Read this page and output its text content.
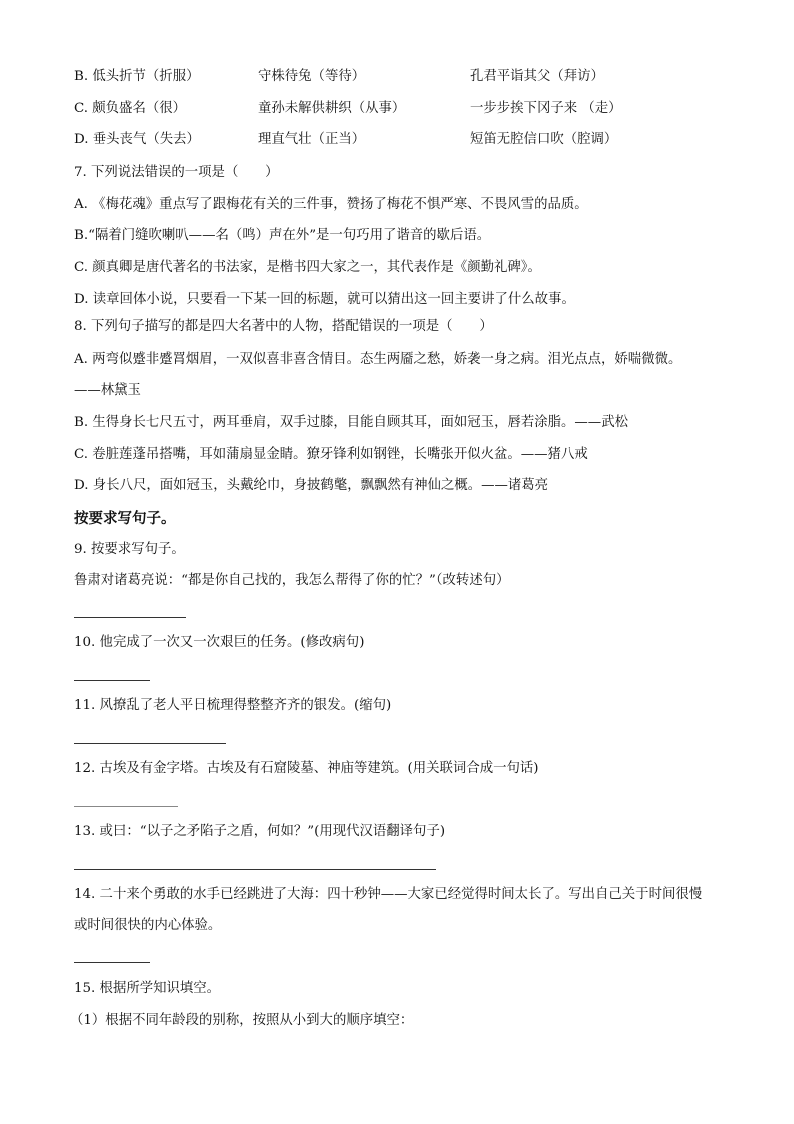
B. 低头折节（折服）	守株待兔（等待）	孔君平诣其父（拜访）
C. 颇负盛名（很）	童孙未解供耕织（从事）	一步步挨下冈子来 （走）
D. 垂头丧气（失去）	理直气壮（正当）	短笛无腔信口吹（腔调）
7. 下列说法错误的一项是（　　）
A. 《梅花魂》重点写了跟梅花有关的三件事，赞扬了梅花不惧严寒、不畏风雪的品质。
B.“隔着门缝吹喇叭——名（鸣）声在外”是一句巧用了谐音的歇后语。
C. 颜真卿是唐代著名的书法家，是楷书四大家之一，其代表作是《颜勤礼碑》。
D. 读章回体小说，只要看一下某一回的标题，就可以猜出这一回主要讲了什么故事。
8. 下列句子描写的都是四大名著中的人物，搭配错误的一项是（　　）
A. 两弯似蹙非蹙罥烟眉，一双似喜非喜含情目。态生两靥之愁，娇袭一身之病。泪光点点，娇喘微微。
——林黛玉
B. 生得身长七尺五寸，两耳垂肩，双手过膝，目能自顾其耳，面如冠玉，唇若涂脂。——武松
C. 卷脏莲蓬吊搭嘴，耳如蒲扇显金睛。獠牙锋利如钢锉，长嘴张开似火盆。——猪八戒
D. 身长八尺，面如冠玉，头戴纶巾，身披鹤氅，飘飘然有神仙之概。——诸葛亮
按要求写句子。
9. 按要求写句子。
鲁肃对诸葛亮说：“都是你自己找的，我怎么帮得了你的忙？”（改转述句）
10. 他完成了一次又一次艰巨的任务。(修改病句)
11. 风撩乱了老人平日梳理得整整齐齐的银发。(缩句)
12. 古埃及有金字塔。古埃及有石窟陵墓、神庙等建筑。(用关联词合成一句话)
13. 或曰：“以子之矛陷子之盾，何如？”(用现代汉语翻译句子)
14. 二十来个勇敢的水手已经跳进了大海：四十秒钟——大家已经觉得时间太长了。写出自己关于时间很慢
或时间很快的内心体验。
15. 根据所学知识填空。
（1）根据不同年龄段的别称，按照从小到大的顺序填空：
